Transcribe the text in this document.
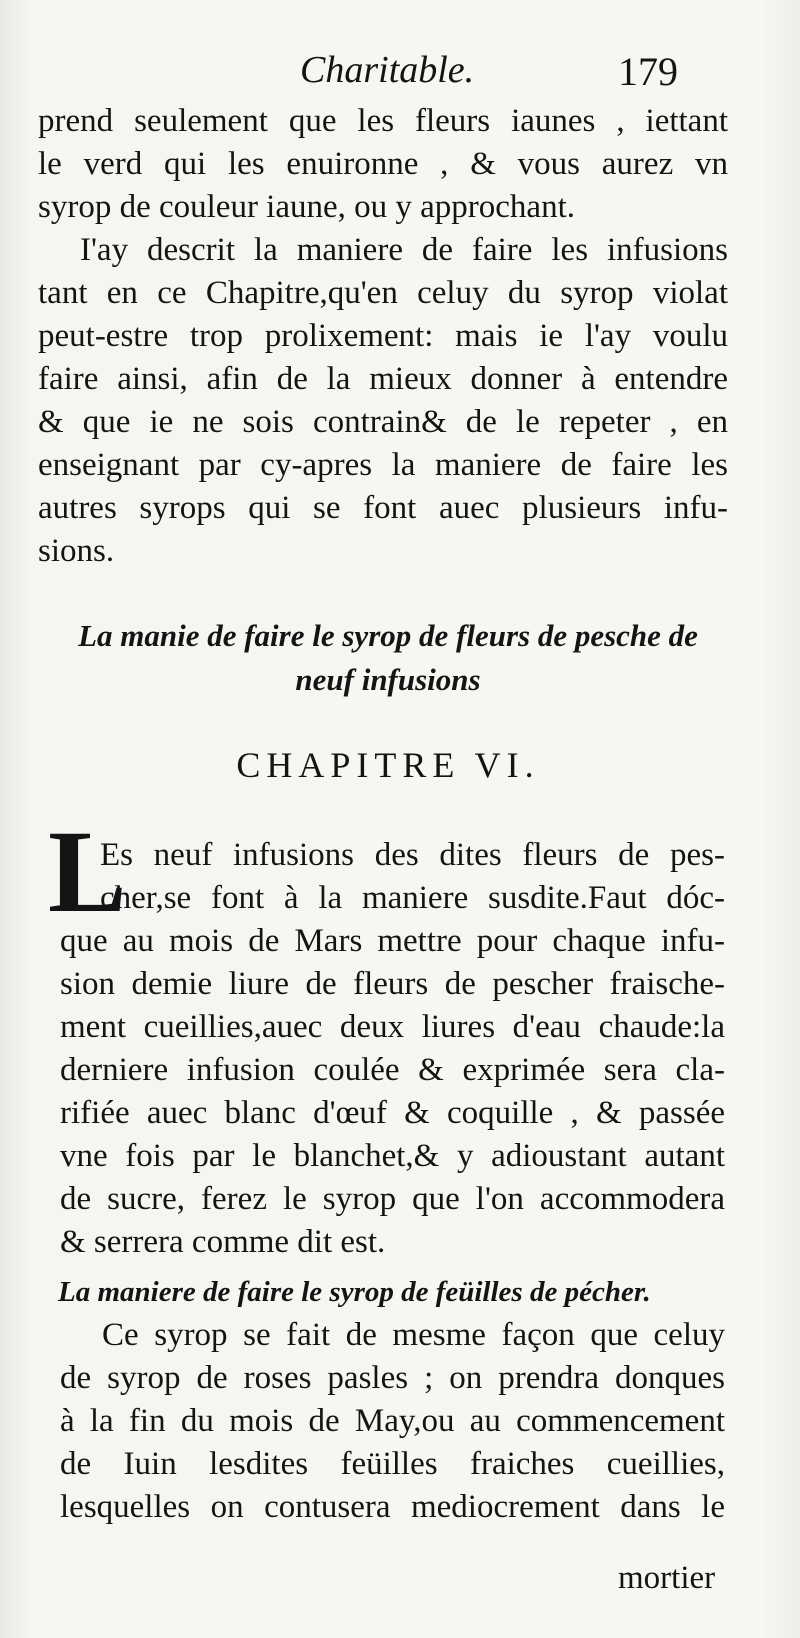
Charitable.	179
prend seulement que les fleurs iaunes , iettant
le verd qui les enuironne , & vous aurez vn
syrop de couleur iaune, ou y approchant.
I'ay descrit la maniere de faire les infusions
tant en ce Chapitre,qu'en celuy du syrop violat
peut-estre trop prolixement: mais ie l'ay voulu
faire ainsi, afin de la mieux donner à entendre
& que ie ne sois contrain& de le repeter , en
enseignant par cy-apres la maniere de faire les
autres syrops qui se font auec plusieurs infu-
sions.
La manie de faire le syrop de fleurs de pesche de
neuf infusions
CHAPITRE VI.
L
Es neuf infusions des dites fleurs de pes-
cher,se font à la maniere susdite.Faut dóc-
que au mois de Mars mettre pour chaque infu-
sion demie liure de fleurs de pescher fraische-
ment cueillies,auec deux liures d'eau chaude:la
derniere infusion coulée & exprimée sera cla-
rifiée auec blanc d'œuf & coquille , & passée
vne fois par le blanchet,& y adioustant autant
de sucre, ferez le syrop que l'on accommodera
& serrera comme dit est.
La maniere de faire le syrop de feüilles de pécher.
Ce syrop se fait de mesme façon que celuy
de syrop de roses pasles ; on prendra donques
à la fin du mois de May,ou au commencement
de Iuin lesdites feüilles fraiches cueillies,
lesquelles on contusera mediocrement dans le
mortier
